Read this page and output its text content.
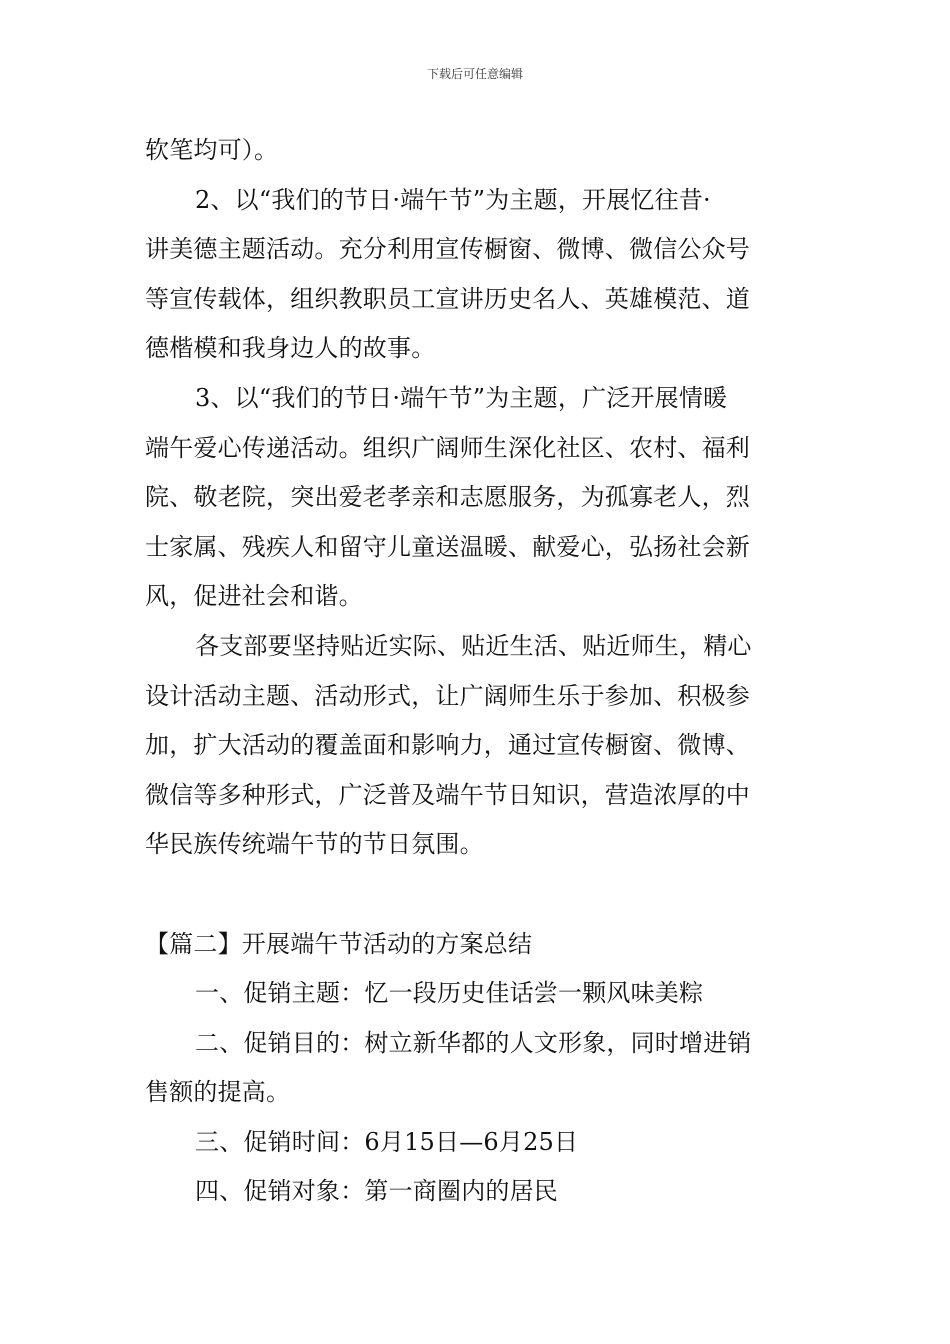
下载后可任意编辑
软笔均可）。
2、以“我们的节日·端午节”为主题，开展忆往昔·
讲美德主题活动。充分利用宣传橱窗、微博、微信公众号
等宣传载体，组织教职员工宣讲历史名人、英雄模范、道
德楷模和我身边人的故事。
3、以“我们的节日·端午节”为主题，广泛开展情暖
端午爱心传递活动。组织广阔师生深化社区、农村、福利
院、敬老院，突出爱老孝亲和志愿服务，为孤寡老人，烈
士家属、残疾人和留守儿童送温暖、献爱心，弘扬社会新
风，促进社会和谐。
各支部要坚持贴近实际、贴近生活、贴近师生，精心
设计活动主题、活动形式，让广阔师生乐于参加、积极参
加，扩大活动的覆盖面和影响力，通过宣传橱窗、微博、
微信等多种形式，广泛普及端午节日知识，营造浓厚的中
华民族传统端午节的节日氛围。
【篇二】开展端午节活动的方案总结
一、促销主题：忆一段历史佳话尝一颗风味美粽
二、促销目的：树立新华都的人文形象，同时增进销
售额的提高。
三、促销时间：6月15日—6月25日
四、促销对象：第一商圈内的居民
